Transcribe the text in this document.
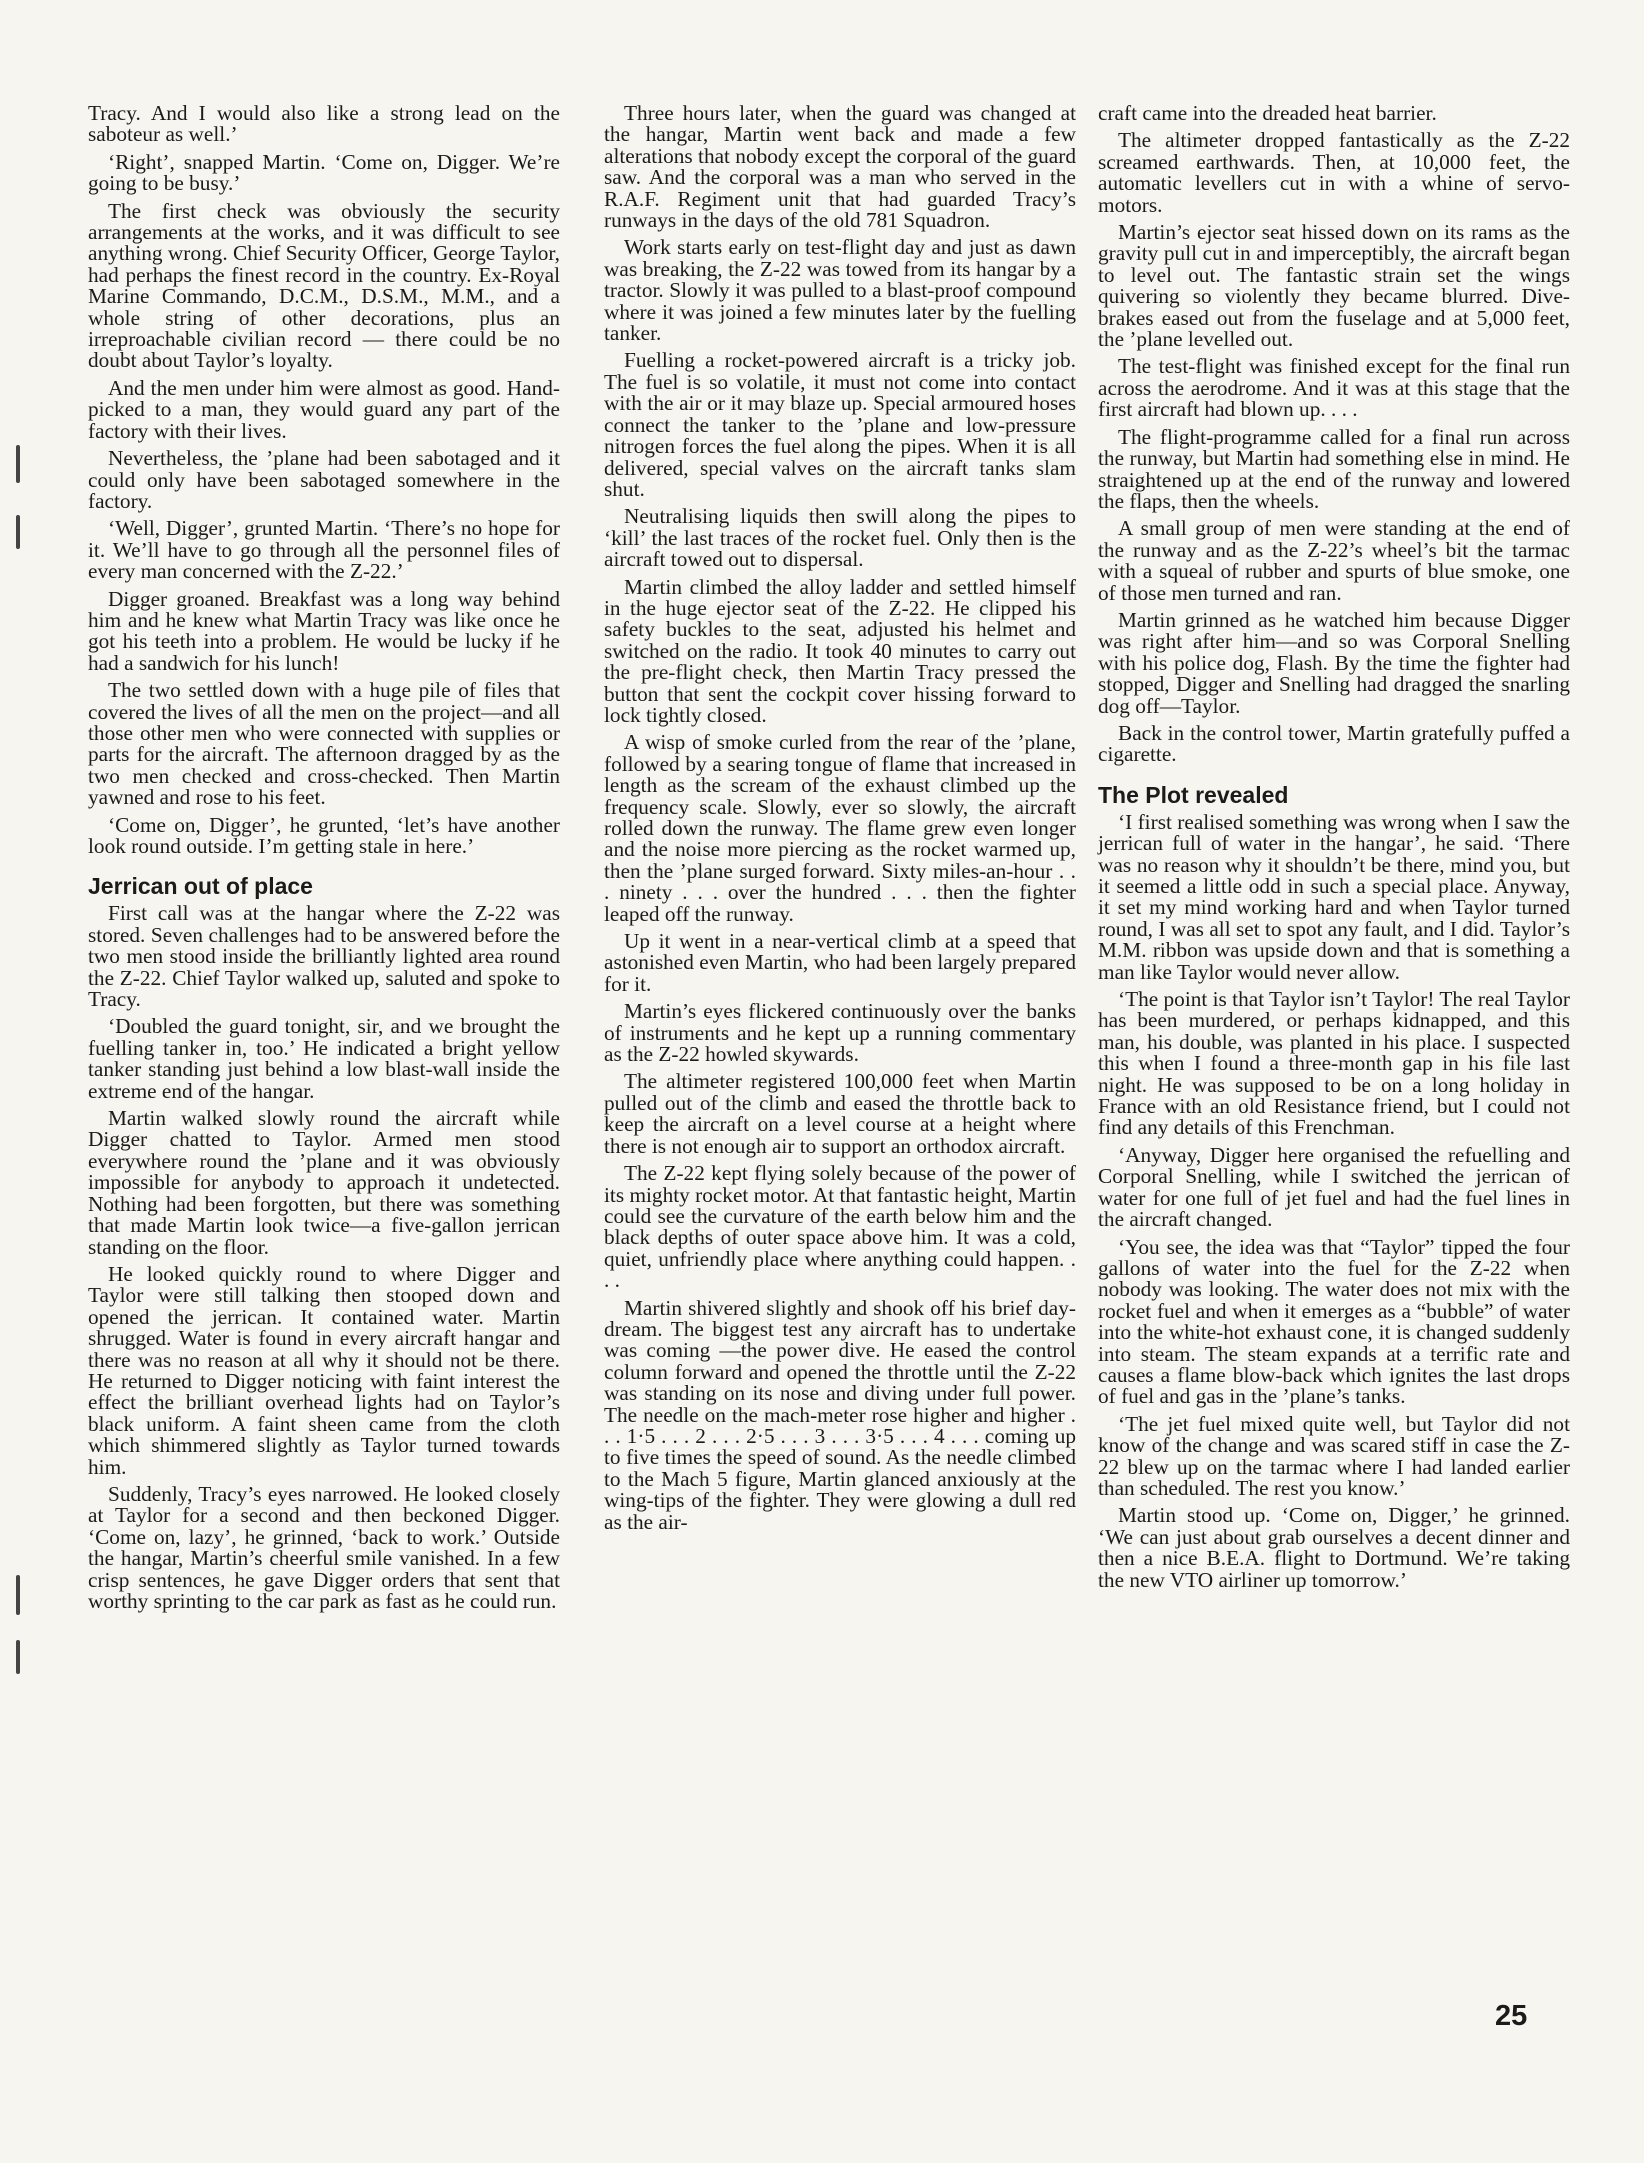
Tracy. And I would also like a strong lead on the saboteur as well.’

‘Right’, snapped Martin. ‘Come on, Digger. We’re going to be busy.’

The first check was obviously the security arrangements at the works, and it was difficult to see anything wrong. Chief Security Officer, George Taylor, had perhaps the finest record in the country. Ex-Royal Marine Commando, D.C.M., D.S.M., M.M., and a whole string of other decorations, plus an irreproachable civilian record — there could be no doubt about Taylor’s loyalty.

And the men under him were almost as good. Hand-picked to a man, they would guard any part of the factory with their lives.

Nevertheless, the ’plane had been sabotaged and it could only have been sabotaged somewhere in the factory.

‘Well, Digger’, grunted Martin. ‘There’s no hope for it. We’ll have to go through all the personnel files of every man concerned with the Z-22.’

Digger groaned. Breakfast was a long way behind him and he knew what Martin Tracy was like once he got his teeth into a problem. He would be lucky if he had a sandwich for his lunch!

The two settled down with a huge pile of files that covered the lives of all the men on the project—and all those other men who were connected with supplies or parts for the aircraft. The afternoon dragged by as the two men checked and cross-checked. Then Martin yawned and rose to his feet.

‘Come on, Digger’, he grunted, ‘let’s have another look round outside. I’m getting stale in here.’

Jerrican out of place

First call was at the hangar where the Z-22 was stored. Seven challenges had to be answered before the two men stood inside the brilliantly lighted area round the Z-22. Chief Taylor walked up, saluted and spoke to Tracy.

‘Doubled the guard tonight, sir, and we brought the fuelling tanker in, too.’ He indicated a bright yellow tanker standing just behind a low blast-wall inside the extreme end of the hangar.

Martin walked slowly round the aircraft while Digger chatted to Taylor. Armed men stood everywhere round the ’plane and it was obviously impossible for anybody to approach it undetected. Nothing had been forgotten, but there was something that made Martin look twice—a five-gallon jerrican standing on the floor.

He looked quickly round to where Digger and Taylor were still talking then stooped down and opened the jerrican. It contained water. Martin shrugged. Water is found in every aircraft hangar and there was no reason at all why it should not be there. He returned to Digger noticing with faint interest the effect the brilliant overhead lights had on Taylor’s black uniform. A faint sheen came from the cloth which shimmered slightly as Taylor turned towards him.

Suddenly, Tracy’s eyes narrowed. He looked closely at Taylor for a second and then beckoned Digger. ‘Come on, lazy’, he grinned, ‘back to work.’ Outside the hangar, Martin’s cheerful smile vanished. In a few crisp sentences, he gave Digger orders that sent that worthy sprinting to the car park as fast as he could run.

Three hours later, when the guard was changed at the hangar, Martin went back and made a few alterations that nobody except the corporal of the guard saw. And the corporal was a man who served in the R.A.F. Regiment unit that had guarded Tracy’s runways in the days of the old 781 Squadron.

Work starts early on test-flight day and just as dawn was breaking, the Z-22 was towed from its hangar by a tractor. Slowly it was pulled to a blast-proof compound where it was joined a few minutes later by the fuelling tanker.

Fuelling a rocket-powered aircraft is a tricky job. The fuel is so volatile, it must not come into contact with the air or it may blaze up. Special armoured hoses connect the tanker to the ’plane and low-pressure nitrogen forces the fuel along the pipes. When it is all delivered, special valves on the aircraft tanks slam shut.

Neutralising liquids then swill along the pipes to ‘kill’ the last traces of the rocket fuel. Only then is the aircraft towed out to dispersal.

Martin climbed the alloy ladder and settled himself in the huge ejector seat of the Z-22. He clipped his safety buckles to the seat, adjusted his helmet and switched on the radio. It took 40 minutes to carry out the pre-flight check, then Martin Tracy pressed the button that sent the cockpit cover hissing forward to lock tightly closed.

A wisp of smoke curled from the rear of the ’plane, followed by a searing tongue of flame that increased in length as the scream of the exhaust climbed up the frequency scale. Slowly, ever so slowly, the aircraft rolled down the runway. The flame grew even longer and the noise more piercing as the rocket warmed up, then the ’plane surged forward. Sixty miles-an-hour . . . ninety . . . over the hundred . . . then the fighter leaped off the runway.

Up it went in a near-vertical climb at a speed that astonished even Martin, who had been largely prepared for it.

Martin’s eyes flickered continuously over the banks of instruments and he kept up a running commentary as the Z-22 howled skywards.

The altimeter registered 100,000 feet when Martin pulled out of the climb and eased the throttle back to keep the aircraft on a level course at a height where there is not enough air to support an orthodox aircraft.

The Z-22 kept flying solely because of the power of its mighty rocket motor. At that fantastic height, Martin could see the curvature of the earth below him and the black depths of outer space above him. It was a cold, quiet, unfriendly place where anything could happen. . . .

Martin shivered slightly and shook off his brief day-dream. The biggest test any aircraft has to undertake was coming —the power dive. He eased the control column forward and opened the throttle until the Z-22 was standing on its nose and diving under full power. The needle on the mach-meter rose higher and higher . . . 1·5 . . . 2 . . . 2·5 . . . 3 . . . 3·5 . . . 4 . . . coming up to five times the speed of sound. As the needle climbed to the Mach 5 figure, Martin glanced anxiously at the wing-tips of the fighter. They were glowing a dull red as the air-

craft came into the dreaded heat barrier.

The altimeter dropped fantastically as the Z-22 screamed earthwards. Then, at 10,000 feet, the automatic levellers cut in with a whine of servo-motors.

Martin’s ejector seat hissed down on its rams as the gravity pull cut in and imperceptibly, the aircraft began to level out. The fantastic strain set the wings quivering so violently they became blurred. Dive-brakes eased out from the fuselage and at 5,000 feet, the ’plane levelled out.

The test-flight was finished except for the final run across the aerodrome. And it was at this stage that the first aircraft had blown up. . . .

The flight-programme called for a final run across the runway, but Martin had something else in mind. He straightened up at the end of the runway and lowered the flaps, then the wheels.

A small group of men were standing at the end of the runway and as the Z-22’s wheel’s bit the tarmac with a squeal of rubber and spurts of blue smoke, one of those men turned and ran.

Martin grinned as he watched him because Digger was right after him—and so was Corporal Snelling with his police dog, Flash. By the time the fighter had stopped, Digger and Snelling had dragged the snarling dog off—Taylor.

Back in the control tower, Martin gratefully puffed a cigarette.

The Plot revealed

‘I first realised something was wrong when I saw the jerrican full of water in the hangar’, he said. ‘There was no reason why it shouldn’t be there, mind you, but it seemed a little odd in such a special place. Anyway, it set my mind working hard and when Taylor turned round, I was all set to spot any fault, and I did. Taylor’s M.M. ribbon was upside down and that is something a man like Taylor would never allow.

‘The point is that Taylor isn’t Taylor! The real Taylor has been murdered, or perhaps kidnapped, and this man, his double, was planted in his place. I suspected this when I found a three-month gap in his file last night. He was supposed to be on a long holiday in France with an old Resistance friend, but I could not find any details of this Frenchman.

‘Anyway, Digger here organised the refuelling and Corporal Snelling, while I switched the jerrican of water for one full of jet fuel and had the fuel lines in the aircraft changed.

‘You see, the idea was that “Taylor” tipped the four gallons of water into the fuel for the Z-22 when nobody was looking. The water does not mix with the rocket fuel and when it emerges as a “bubble” of water into the white-hot exhaust cone, it is changed suddenly into steam. The steam expands at a terrific rate and causes a flame blow-back which ignites the last drops of fuel and gas in the ’plane’s tanks.

‘The jet fuel mixed quite well, but Taylor did not know of the change and was scared stiff in case the Z-22 blew up on the tarmac where I had landed earlier than scheduled. The rest you know.’

Martin stood up. ‘Come on, Digger,’ he grinned. ‘We can just about grab ourselves a decent dinner and then a nice B.E.A. flight to Dortmund. We’re taking the new VTO airliner up tomorrow.’

25
